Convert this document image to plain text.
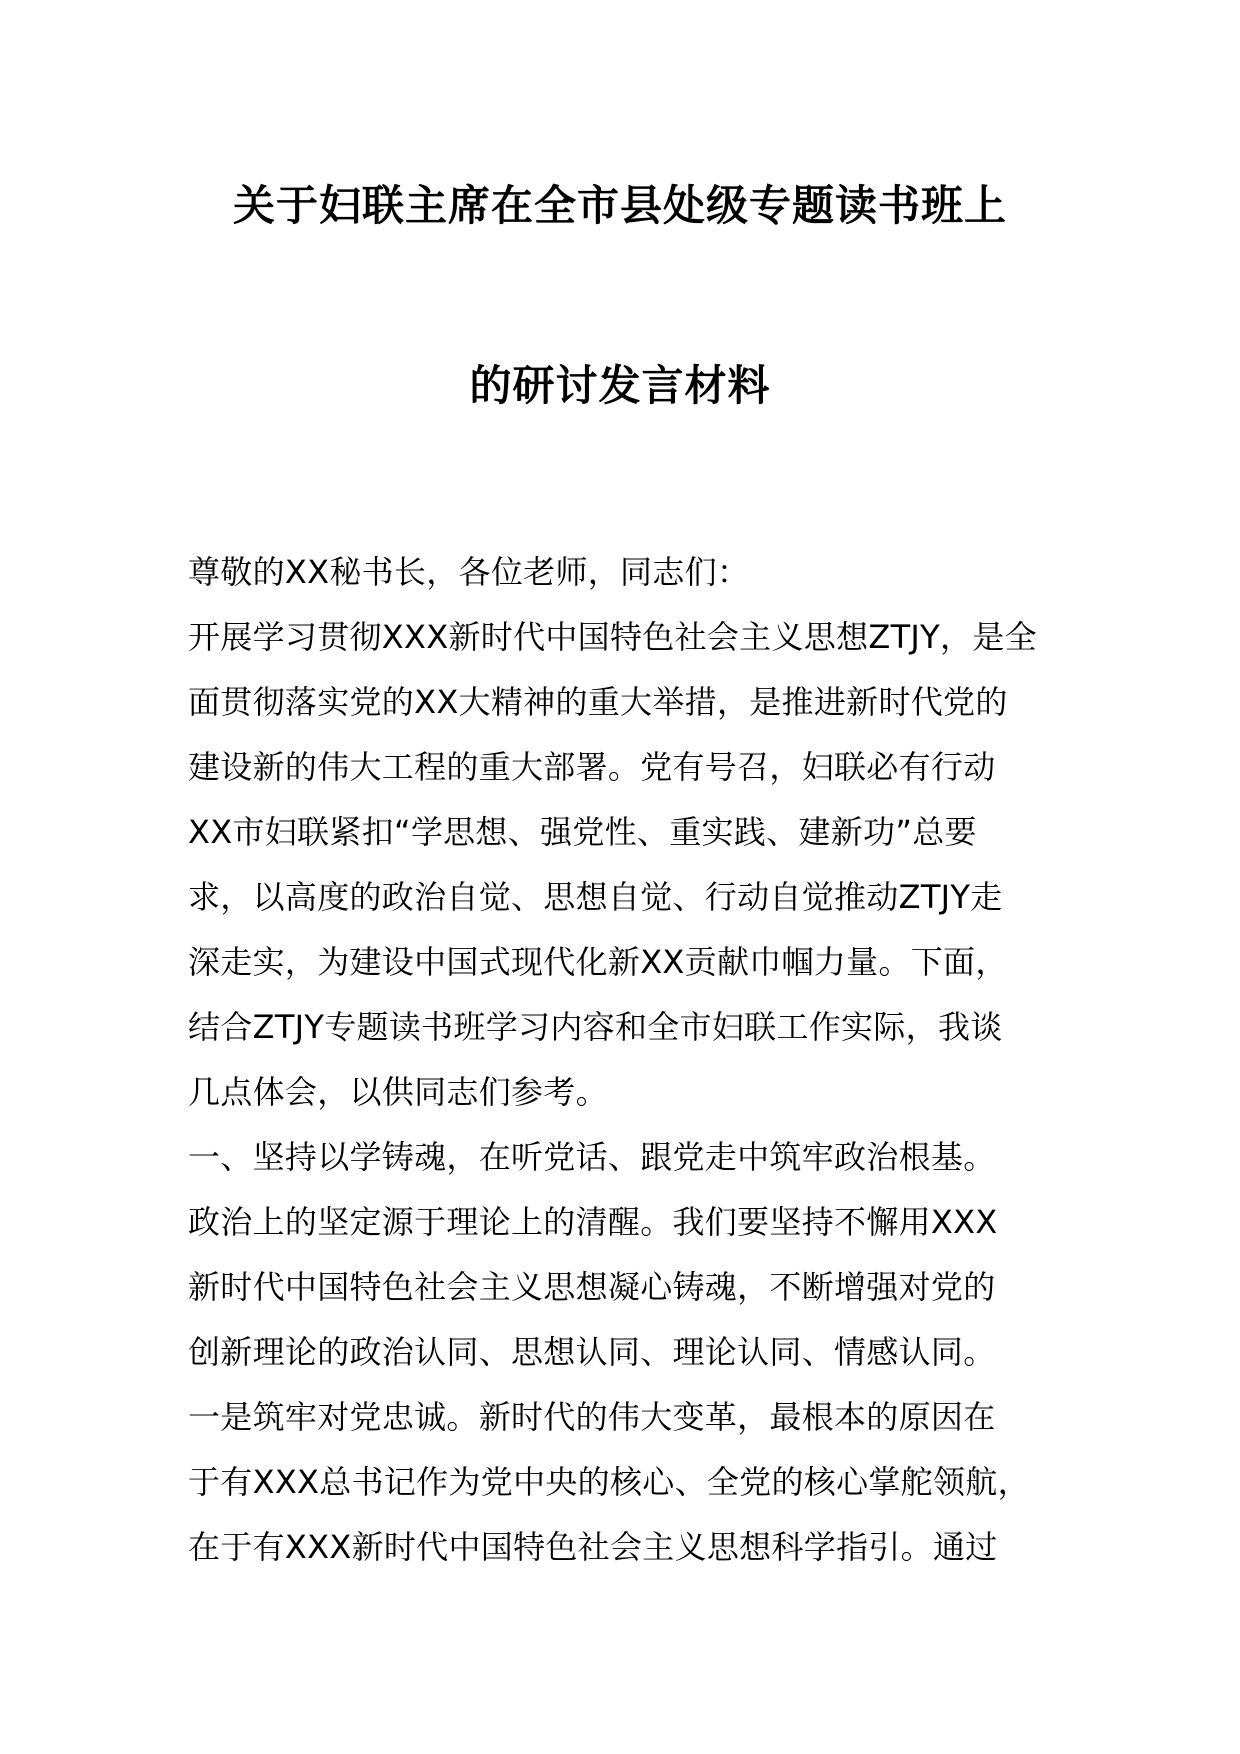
关于妇联主席在全市县处级专题读书班上
的研讨发言材料
尊敬的XX秘书长，各位老师，同志们：
开展学习贯彻XXX新时代中国特色社会主义思想ZTJY，是全
面贯彻落实党的XX大精神的重大举措，是推进新时代党的
建设新的伟大工程的重大部署。党有号召，妇联必有行动
XX市妇联紧扣“学思想、强党性、重实践、建新功”总要
求，以高度的政治自觉、思想自觉、行动自觉推动ZTJY走
深走实，为建设中国式现代化新XX贡献巾帼力量。下面，
结合ZTJY专题读书班学习内容和全市妇联工作实际，我谈
几点体会，以供同志们参考。
一、坚持以学铸魂，在听党话、跟党走中筑牢政治根基。
政治上的坚定源于理论上的清醒。我们要坚持不懈用XXX
新时代中国特色社会主义思想凝心铸魂，不断增强对党的
创新理论的政治认同、思想认同、理论认同、情感认同。
一是筑牢对党忠诚。新时代的伟大变革，最根本的原因在
于有XXX总书记作为党中央的核心、全党的核心掌舵领航，
在于有XXX新时代中国特色社会主义思想科学指引。通过
